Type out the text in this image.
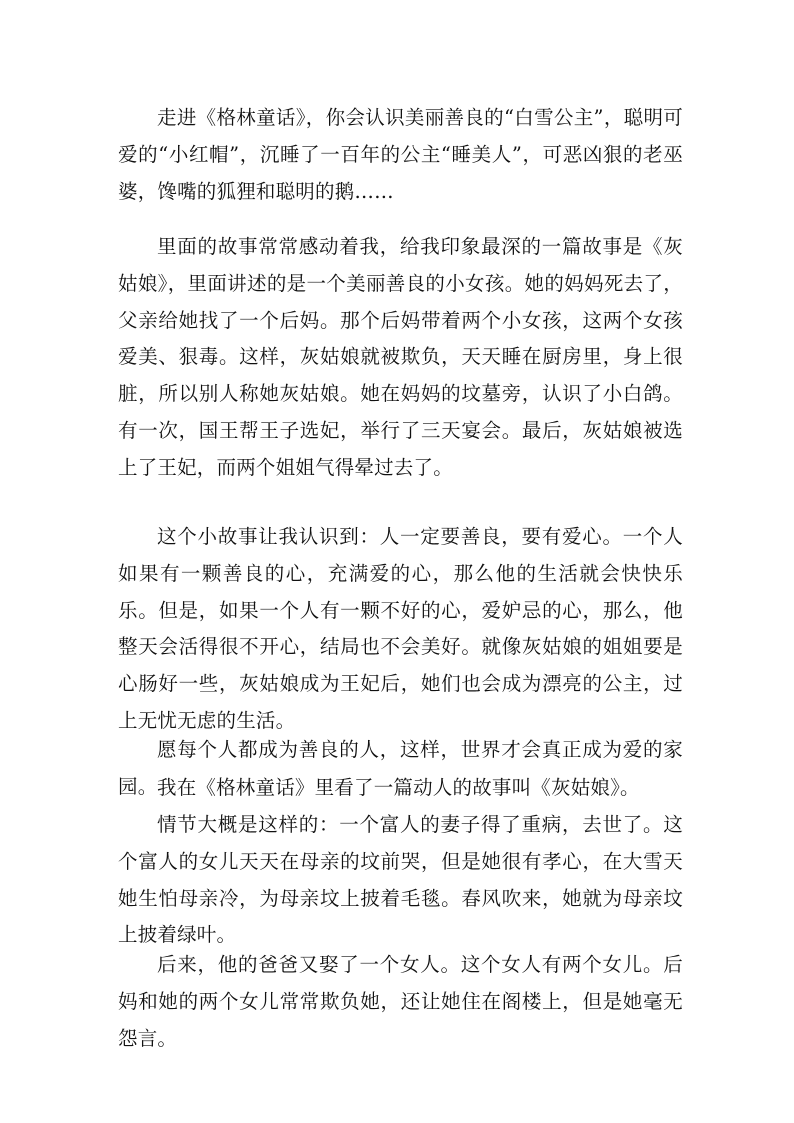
走进《格林童话》，你会认识美丽善良的“白雪公主”，聪明可爱的“小红帽”，沉睡了一百年的公主“睡美人”，可恶凶狠的老巫婆，馋嘴的狐狸和聪明的鹅……

里面的故事常常感动着我，给我印象最深的一篇故事是《灰姑娘》，里面讲述的是一个美丽善良的小女孩。她的妈妈死去了，父亲给她找了一个后妈。那个后妈带着两个小女孩，这两个女孩爱美、狠毒。这样，灰姑娘就被欺负，天天睡在厨房里，身上很脏，所以别人称她灰姑娘。她在妈妈的坟墓旁，认识了小白鸽。有一次，国王帮王子选妃，举行了三天宴会。最后，灰姑娘被选上了王妃，而两个姐姐气得晕过去了。

这个小故事让我认识到：人一定要善良，要有爱心。一个人如果有一颗善良的心，充满爱的心，那么他的生活就会快快乐乐。但是，如果一个人有一颗不好的心，爱妒忌的心，那么，他整天会活得很不开心，结局也不会美好。就像灰姑娘的姐姐要是心肠好一些，灰姑娘成为王妃后，她们也会成为漂亮的公主，过上无忧无虑的生活。

愿每个人都成为善良的人，这样，世界才会真正成为爱的家园。 我在《格林童话》里看了一篇动人的故事叫《灰姑娘》。

情节大概是这样的：一个富人的妻子得了重病，去世了。这个富人的女儿天天在母亲的坟前哭，但是她很有孝心，在大雪天她生怕母亲冷，为母亲坟上披着毛毯。春风吹来，她就为母亲坟上披着绿叶。

后来，他的爸爸又娶了一个女人。这个女人有两个女儿。后妈和她的两个女儿常常欺负她，还让她住在阁楼上，但是她毫无怨言。
